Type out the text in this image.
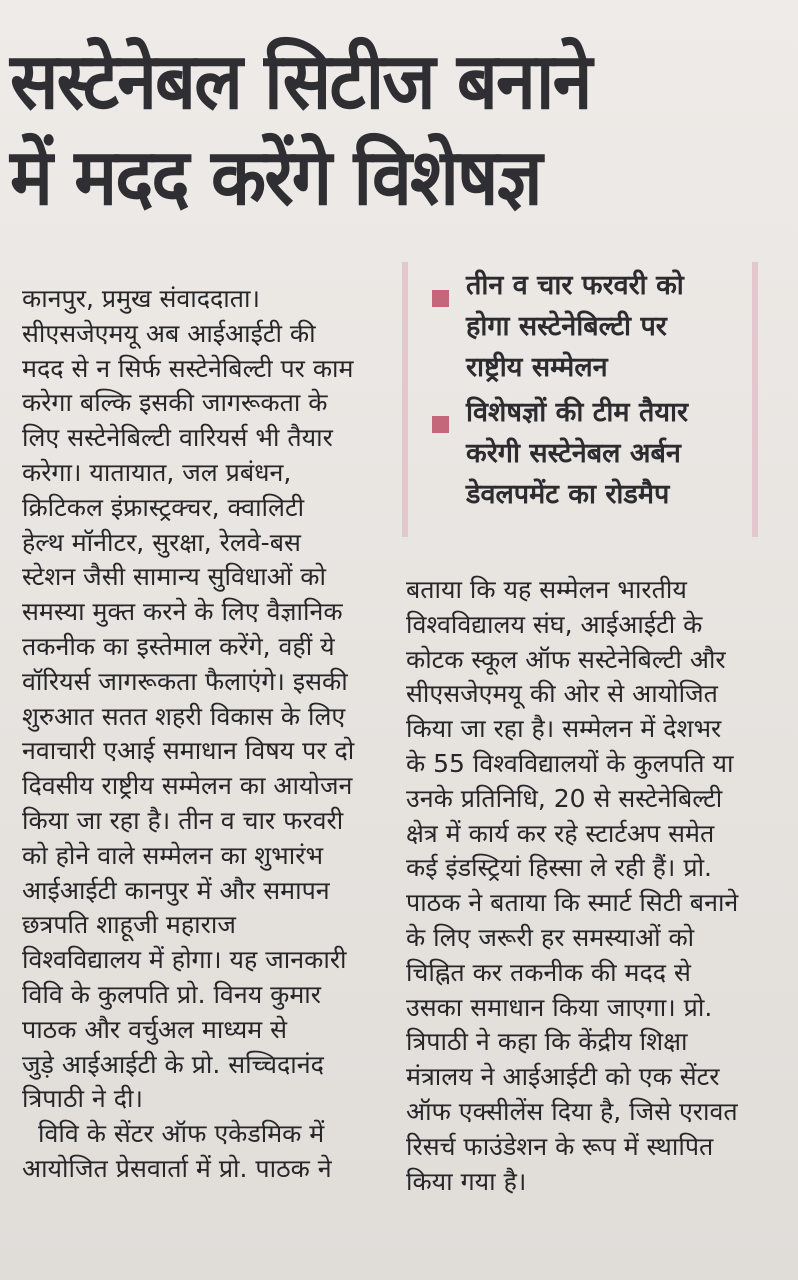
सस्टेनेबल सिटीज बनाने
में मदद करेंगे विशेषज्ञ
तीन व चार फरवरी को
होगा सस्टेनेबिल्टी पर
राष्ट्रीय सम्मेलन
विशेषज्ञों की टीम तैयार
करेगी सस्टेनेबल अर्बन
डेवलपमेंट का रोडमैप
कानपुर, प्रमुख संवाददाता।
सीएसजेएमयू अब आईआईटी की
मदद से न सिर्फ सस्टेनेबिल्टी पर काम
करेगा बल्कि इसकी जागरूकता के
लिए सस्टेनेबिल्टी वारियर्स भी तैयार
करेगा। यातायात, जल प्रबंधन,
क्रिटिकल इंफ्रास्ट्रक्चर, क्वालिटी
हेल्थ मॉनीटर, सुरक्षा, रेलवे-बस
स्टेशन जैसी सामान्य सुविधाओं को
समस्या मुक्त करने के लिए वैज्ञानिक
तकनीक का इस्तेमाल करेंगे, वहीं ये
वॉरियर्स जागरूकता फैलाएंगे। इसकी
शुरुआत सतत शहरी विकास के लिए
नवाचारी एआई समाधान विषय पर दो
दिवसीय राष्ट्रीय सम्मेलन का आयोजन
किया जा रहा है। तीन व चार फरवरी
को होने वाले सम्मेलन का शुभारंभ
आईआईटी कानपुर में और समापन
छत्रपति शाहूजी महाराज
विश्वविद्यालय में होगा। यह जानकारी
विवि के कुलपति प्रो. विनय कुमार
पाठक और वर्चुअल माध्यम से
जुड़े आईआईटी के प्रो. सच्चिदानंद
त्रिपाठी ने दी।
विवि के सेंटर ऑफ एकेडमिक में
आयोजित प्रेसवार्ता में प्रो. पाठक ने
बताया कि यह सम्मेलन भारतीय
विश्वविद्यालय संघ, आईआईटी के
कोटक स्कूल ऑफ सस्टेनेबिल्टी और
सीएसजेएमयू की ओर से आयोजित
किया जा रहा है। सम्मेलन में देशभर
के 55 विश्वविद्यालयों के कुलपति या
उनके प्रतिनिधि, 20 से सस्टेनेबिल्टी
क्षेत्र में कार्य कर रहे स्टार्टअप समेत
कई इंडस्ट्रियां हिस्सा ले रही हैं। प्रो.
पाठक ने बताया कि स्मार्ट सिटी बनाने
के लिए जरूरी हर समस्याओं को
चिह्नित कर तकनीक की मदद से
उसका समाधान किया जाएगा। प्रो.
त्रिपाठी ने कहा कि केंद्रीय शिक्षा
मंत्रालय ने आईआईटी को एक सेंटर
ऑफ एक्सीलेंस दिया है, जिसे एरावत
रिसर्च फाउंडेशन के रूप में स्थापित
किया गया है।
